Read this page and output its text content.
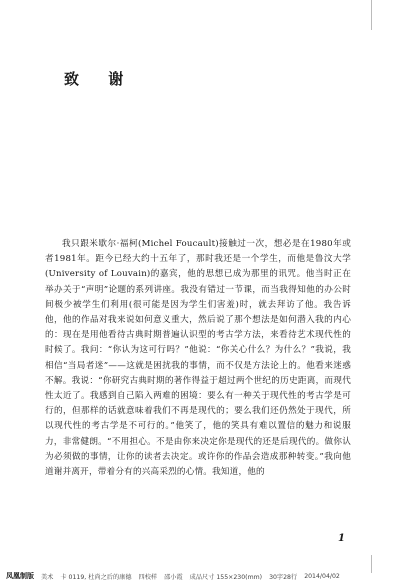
致 谢

我只跟米歇尔·福柯(Michel Foucault)接触过一次，想必是在1980年或者1981年。距今已经大约十五年了，那时我还是一个学生，而他是鲁汶大学(University of Louvain)的嘉宾，他的思想已成为那里的讯咒。他当时正在举办关于“声明”论题的系列讲座。我没有错过一节课，而当我得知他的办公时间极少被学生们利用(很可能是因为学生们害羞)时，就去拜访了他。我告诉他，他的作品对我来说如何意义重大，然后说了那个想法是如何潜入我的内心的：现在是用他看待古典时期普遍认识型的考古学方法，来看待艺术现代性的时候了。我问：“你认为这可行吗？”他说：“你关心什么？为什么？”我说，我相信“当局者迷”——这就是困扰我的事情，而不仅是方法论上的。他看来迷惑不解。我说：“你研究古典时期的著作得益于超过两个世纪的历史距离，而现代性太近了。我感到自己陷入两难的困境：要么有一种关于现代性的考古学是可行的，但那样的话就意味着我们不再是现代的；要么我们还仍然处于现代，所以现代性的考古学是不可行的。”他笑了，他的笑具有难以置信的魅力和说服力，非常健朗。“不用担心。不是由你来决定你是现代的还是后现代的。做你认为必须做的事情，让你的读者去决定。或许你的作品会造成那种转变。”我向他道谢并离开，带着分有的兴高采烈的心情。我知道，他的

1
凤凰制版 美术 卡 0119, 杜尚之后的康德 四校样 邵小霞 成品尺寸 155×230(mm) 30字28行 2014/04/02
